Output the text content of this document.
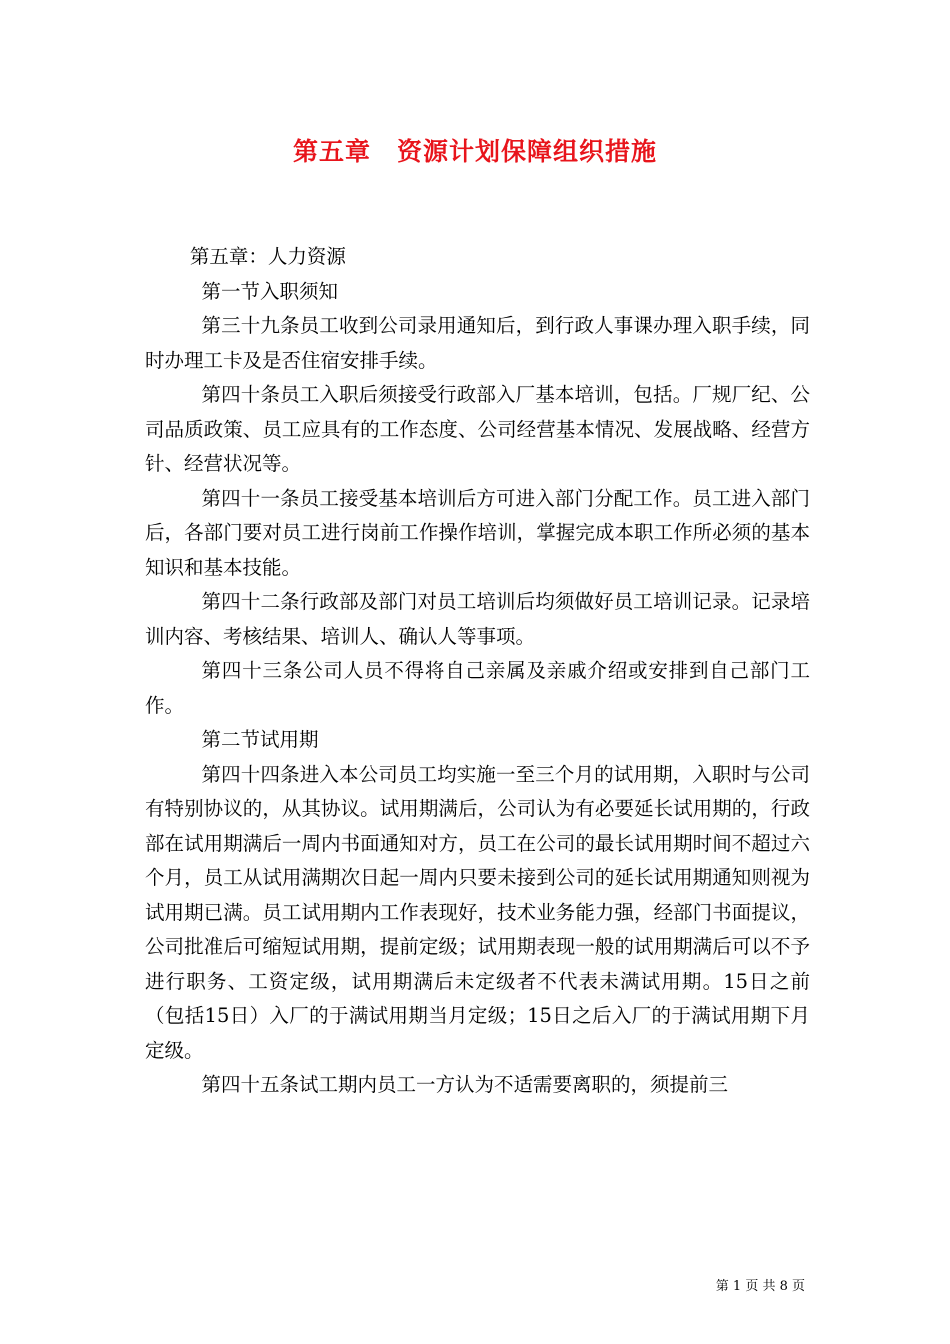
第五章　资源计划保障组织措施

第五章：人力资源

第一节入职须知

第三十九条员工收到公司录用通知后，到行政人事课办理入职手续，同时办理工卡及是否住宿安排手续。

第四十条员工入职后须接受行政部入厂基本培训，包括。厂规厂纪、公司品质政策、员工应具有的工作态度、公司经营基本情况、发展战略、经营方针、经营状况等。

第四十一条员工接受基本培训后方可进入部门分配工作。员工进入部门后，各部门要对员工进行岗前工作操作培训，掌握完成本职工作所必须的基本知识和基本技能。

第四十二条行政部及部门对员工培训后均须做好员工培训记录。记录培训内容、考核结果、培训人、确认人等事项。

第四十三条公司人员不得将自己亲属及亲戚介绍或安排到自己部门工作。

第二节试用期

第四十四条进入本公司员工均实施一至三个月的试用期，入职时与公司有特别协议的，从其协议。试用期满后，公司认为有必要延长试用期的，行政部在试用期满后一周内书面通知对方，员工在公司的最长试用期时间不超过六个月，员工从试用满期次日起一周内只要未接到公司的延长试用期通知则视为试用期已满。员工试用期内工作表现好，技术业务能力强，经部门书面提议，公司批准后可缩短试用期，提前定级；试用期表现一般的试用期满后可以不予进行职务、工资定级，试用期满后未定级者不代表未满试用期。15日之前（包括15日）入厂的于满试用期当月定级；15日之后入厂的于满试用期下月定级。

第四十五条试工期内员工一方认为不适需要离职的，须提前三

第 1 页 共 8 页
